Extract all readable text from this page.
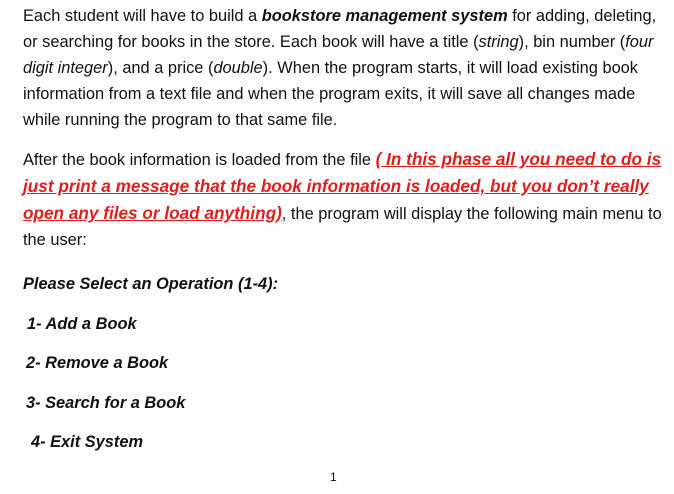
Each student will have to build a bookstore management system for adding, deleting, or searching for books in the store. Each book will have a title (string), bin number (four digit integer), and a price (double). When the program starts, it will load existing book information from a text file and when the program exits, it will save all changes made while running the program to that same file.

After the book information is loaded from the file ( In this phase all you need to do is just print a message that the book information is loaded, but you don’t really open any files or load anything), the program will display the following main menu to the user:

Please Select an Operation (1-4):

1- Add a Book

2- Remove a Book

3- Search for a Book

4- Exit System

1
